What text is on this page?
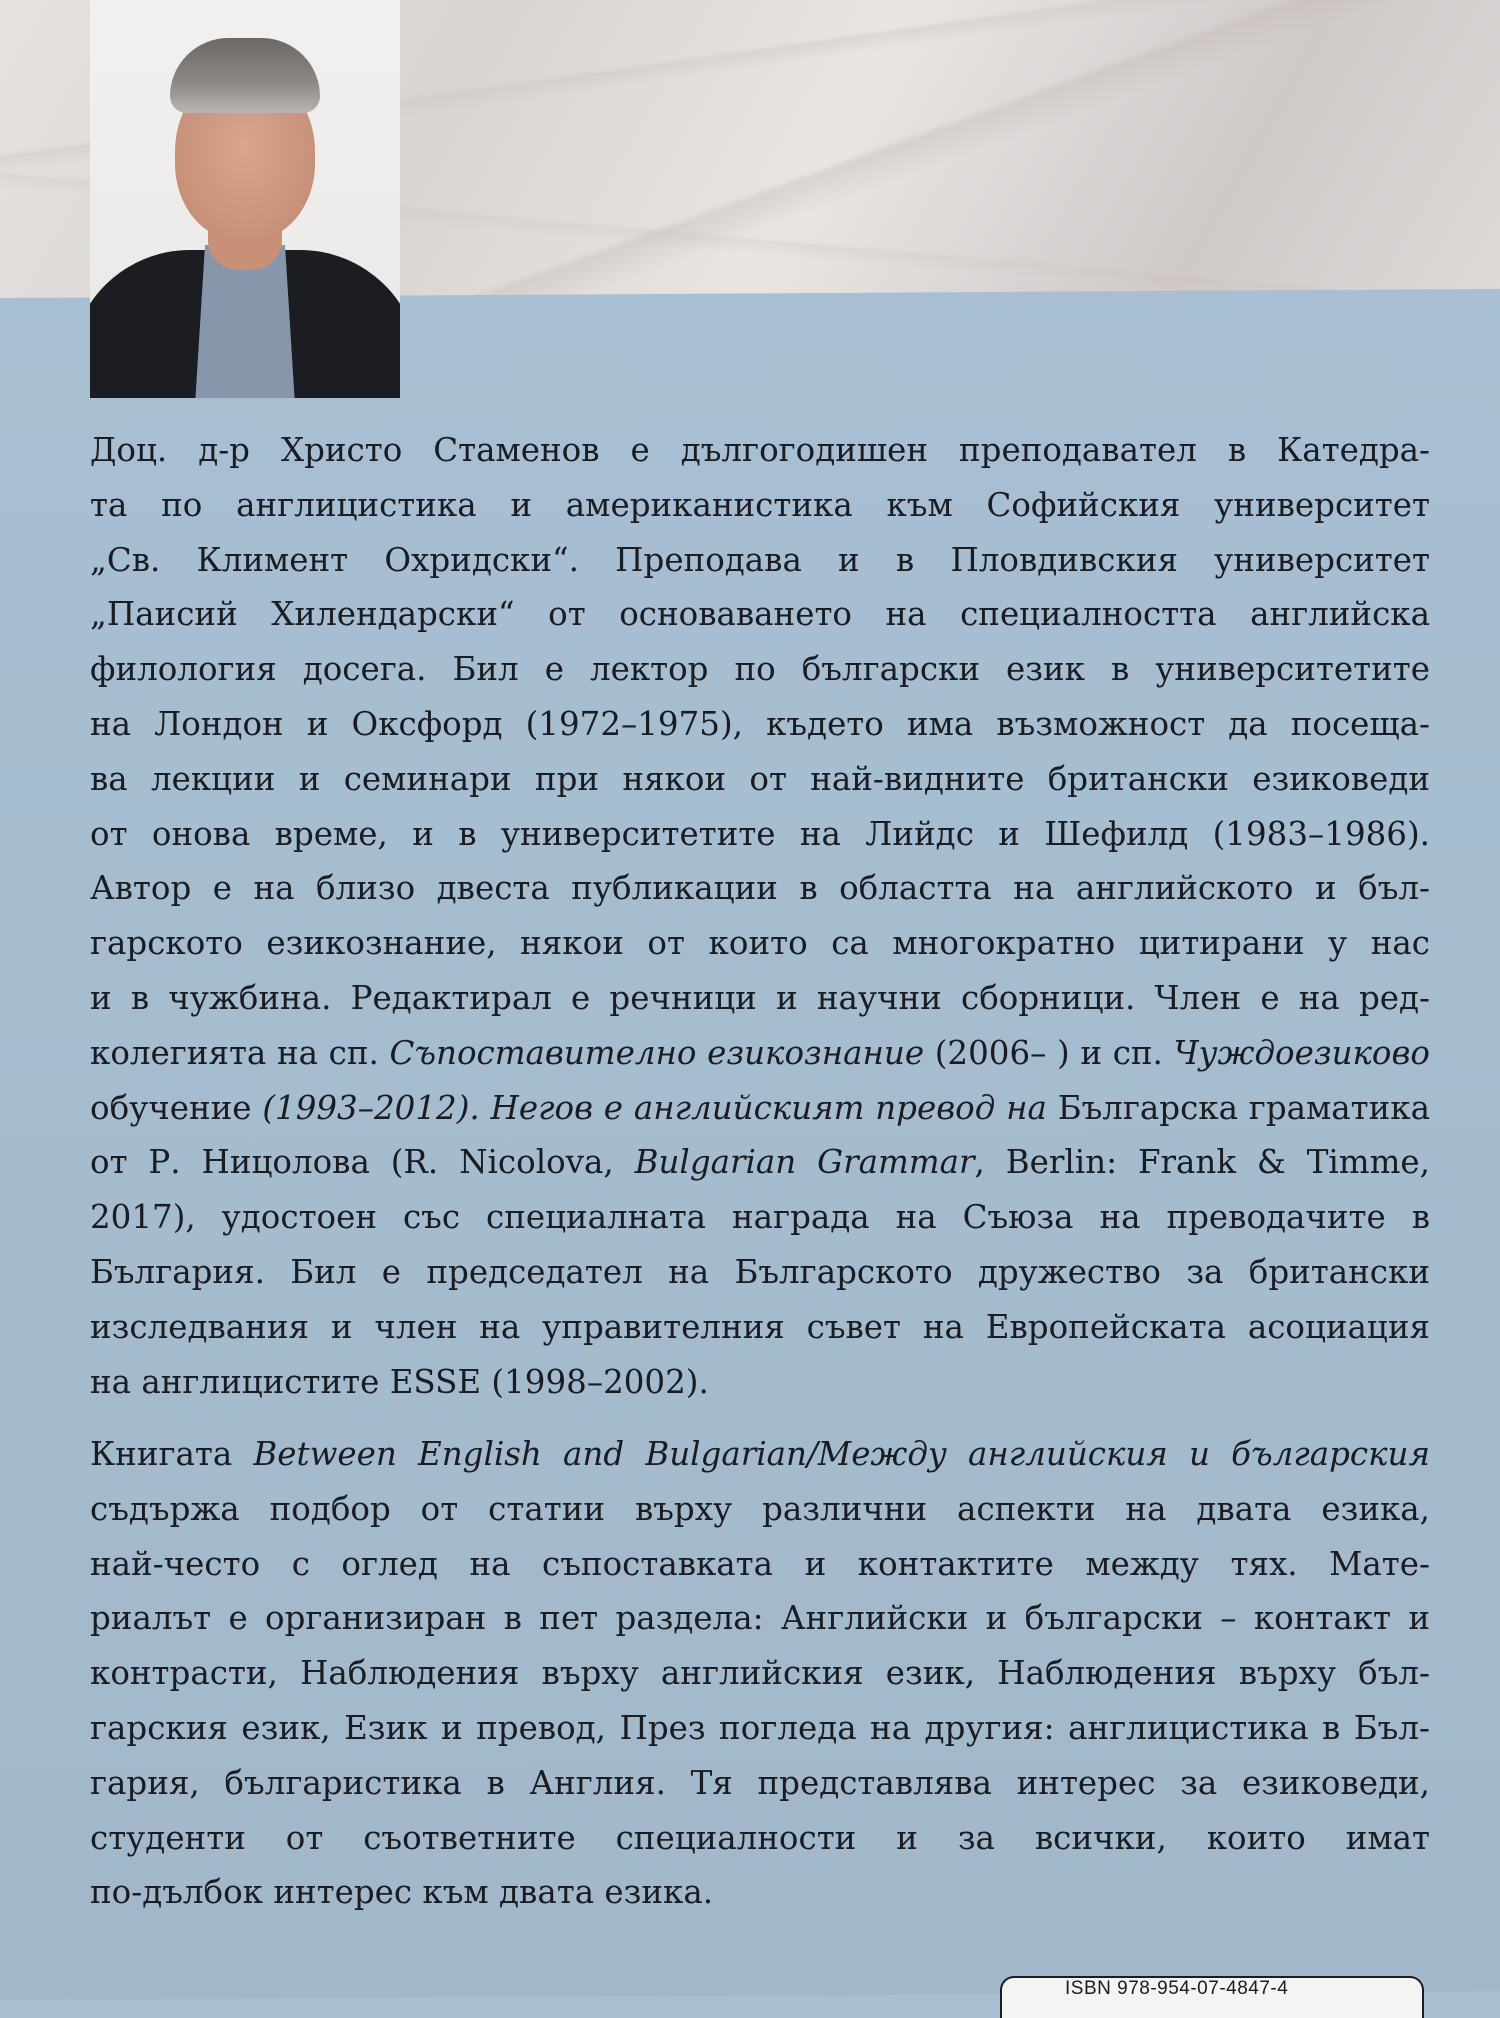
Доц. д-р Христо Стаменов е дългогодишен преподавател в Катедра-
та по англицистика и американистика към Софийския университет
„Св. Климент Охридски“. Преподава и в Пловдивския университет
„Паисий Хилендарски“ от основаването на специалността английска
филология досега. Бил е лектор по български език в университетите
на Лондон и Оксфорд (1972–1975), където има възможност да посеща-
ва лекции и семинари при някои от най-видните британски езиковеди
от онова време, и в университетите на Лийдс и Шефилд (1983–1986).
Автор е на близо двеста публикации в областта на английското и бъл-
гарското езикознание, някои от които са многократно цитирани у нас
и в чужбина. Редактирал е речници и научни сборници. Член е на ред-
колегията на сп. Съпоставително езикознание (2006– ) и сп. Чуждоезиково
обучение (1993–2012). Негов е английският превод на Българска граматика
от Р. Ницолова (R. Nicolova, Bulgarian Grammar, Berlin: Frank & Timme,
2017), удостоен със специалната награда на Съюза на преводачите в
България. Бил е председател на Българското дружество за британски
изследвания и член на управителния съвет на Европейската асоциация
на англицистите ESSE (1998–2002).
Книгата Between English and Bulgarian/Между английския и българския
съдържа подбор от статии върху различни аспекти на двата езика,
най-често с оглед на съпоставката и контактите между тях. Мате-
риалът е организиран в пет раздела: Английски и български – контакт и
контрасти, Наблюдения върху английския език, Наблюдения върху бъл-
гарския език, Език и превод, През погледа на другия: англицистика в Бъл-
гария, българистика в Англия. Тя представлява интерес за езиковеди,
студенти от съответните специалности и за всички, които имат
по-дълбок интерес към двата езика.
ISBN 978-954-07-4847-4
